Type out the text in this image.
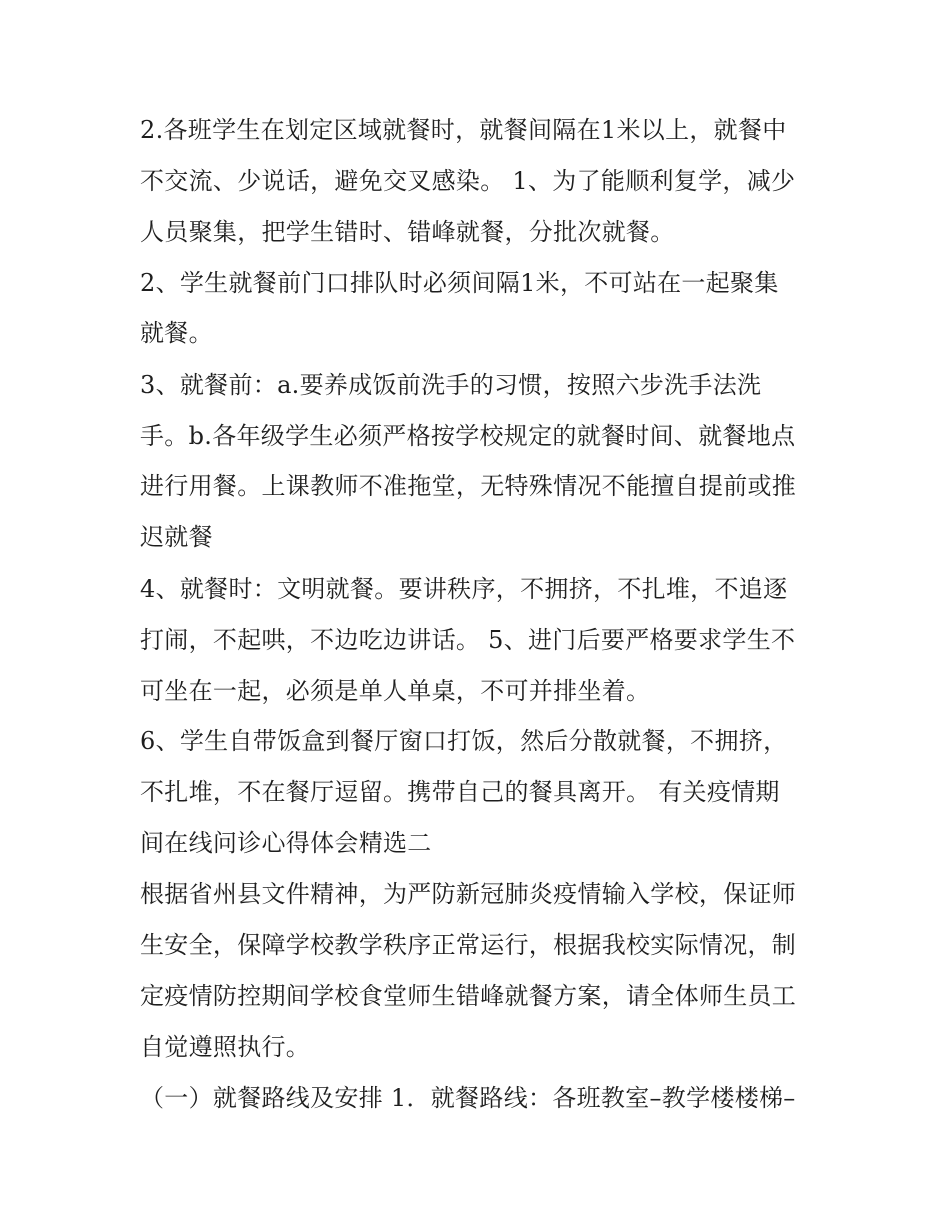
2.各班学生在划定区域就餐时，就餐间隔在1米以上，就餐中
不交流、少说话，避免交叉感染。 1、为了能顺利复学，减少
人员聚集，把学生错时、错峰就餐，分批次就餐。
2、学生就餐前门口排队时必须间隔1米，不可站在一起聚集
就餐。
3、就餐前：a.要养成饭前洗手的习惯，按照六步洗手法洗
手。b.各年级学生必须严格按学校规定的就餐时间、就餐地点
进行用餐。上课教师不准拖堂，无特殊情况不能擅自提前或推
迟就餐
4、就餐时：文明就餐。要讲秩序，不拥挤，不扎堆，不追逐
打闹，不起哄，不边吃边讲话。 5、进门后要严格要求学生不
可坐在一起，必须是单人单桌，不可并排坐着。
6、学生自带饭盒到餐厅窗口打饭，然后分散就餐，不拥挤，
不扎堆，不在餐厅逗留。携带自己的餐具离开。 有关疫情期
间在线问诊心得体会精选二
根据省州县文件精神，为严防新冠肺炎疫情输入学校，保证师
生安全，保障学校教学秩序正常运行，根据我校实际情况，制
定疫情防控期间学校食堂师生错峰就餐方案，请全体师生员工
自觉遵照执行。
（一）就餐路线及安排 1．就餐路线：各班教室–教学楼楼梯–
